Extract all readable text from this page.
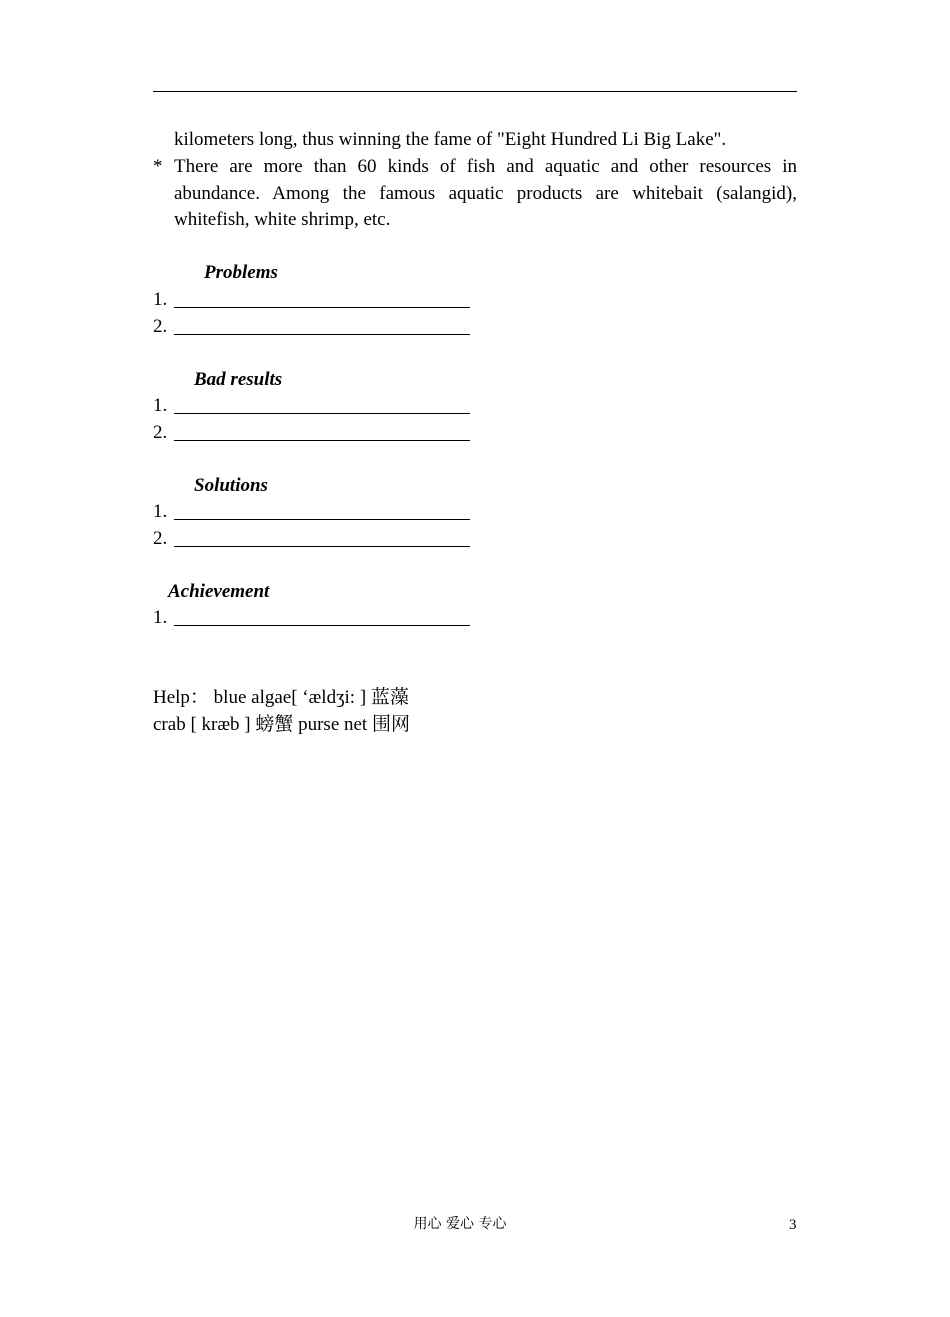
kilometers long, thus winning the fame of "Eight Hundred Li Big Lake".
* There are more than 60 kinds of fish and aquatic and other resources in abundance. Among the famous aquatic products are whitebait (salangid), whitefish, white shrimp, etc.
Problems
1.
2.
Bad results
1.
2.
Solutions
1.
2.
Achievement
1.
Help： blue algae[ ‘ældʒi: ] 蓝藻
crab [ kræb ] 螃蟹 purse net 围网
用心 爱心 专心	3
